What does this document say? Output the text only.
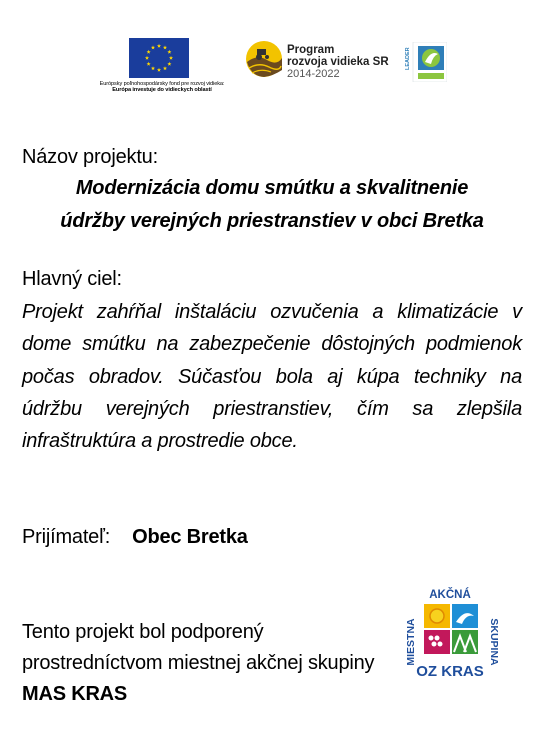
Európsky poľnohospodársky fond pre rozvoj vidieka:
Európa investuje do vidieckych oblastí
Program
rozvoja vidieka SR
2014-2022
LEADER
Názov projektu:
Modernizácia domu smútku a skvalitnenie
údržby verejných priestranstiev v obci Bretka
Hlavný ciel:
Projekt zahŕňal inštaláciu ozvučenia a klimatizácie v dome smútku na zabezpečenie dôstojných podmienok počas obradov. Súčasťou bola aj kúpa techniky na údržbu verejných priestranstiev, čím sa zlepšila infraštruktúra a prostredie obce.
Prijímateľ: Obec Bretka
Tento projekt bol podporený prostredníctvom miestnej akčnej skupiny MAS KRAS
AKČNÁ
MIESTNA	SKUPINA
OZ KRAS
